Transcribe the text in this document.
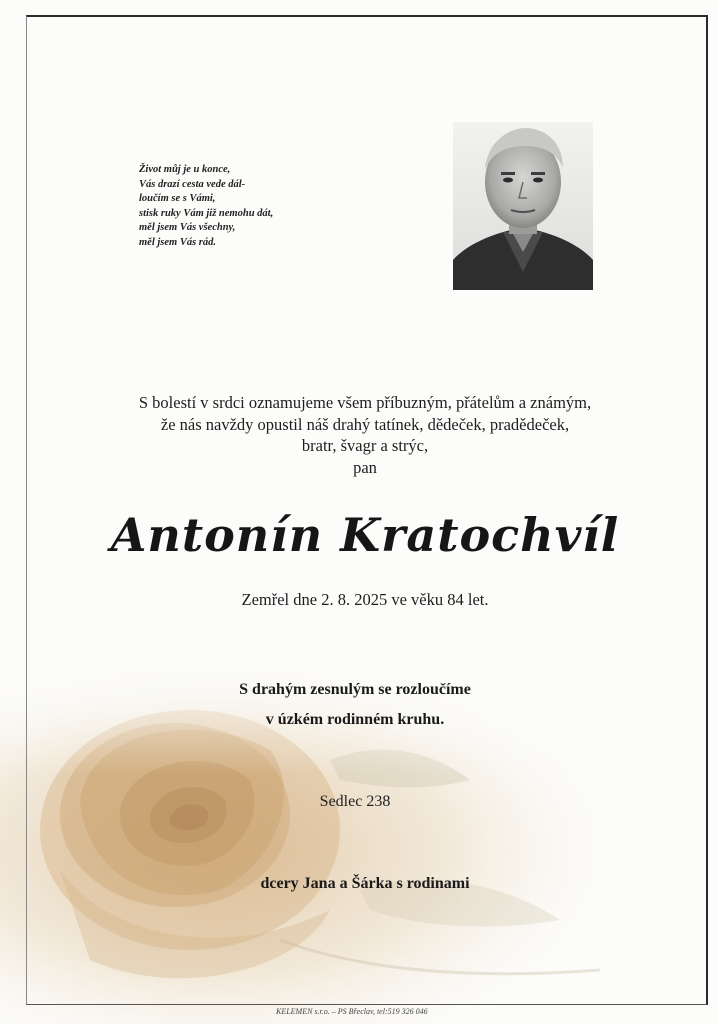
Život můj je u konce,
Vás drazí cesta vede dál-
loučím se s Vámi,
stisk ruky Vám již nemohu dát,
měl jsem Vás všechny,
měl jsem Vás rád.
S bolestí v srdci oznamujeme všem příbuzným, přátelům a známým,
že nás navždy opustil náš drahý tatínek, dědeček, pradědeček,
bratr, švagr a strýc,
pan
Antonín Kratochvíl
Zemřel dne 2. 8. 2025 ve věku 84 let.
S drahým zesnulým se rozloučíme
v úzkém rodinném kruhu.
Sedlec 238
dcery Jana a Šárka s rodinami
KELEMEN s.r.o. – PS Břeclav, tel:519 326 046
